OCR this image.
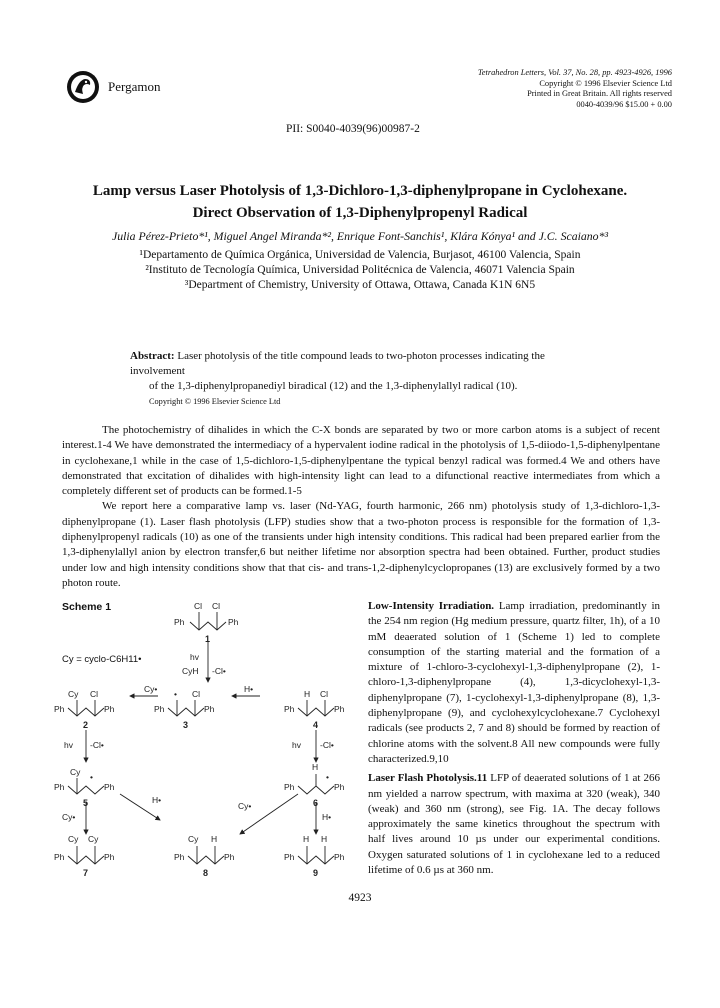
Pergamon
Tetrahedron Letters, Vol. 37, No. 28, pp. 4923-4926, 1996
Copyright © 1996 Elsevier Science Ltd
Printed in Great Britain. All rights reserved
0040-4039/96 $15.00 + 0.00
PII: S0040-4039(96)00987-2
Lamp versus Laser Photolysis of 1,3-Dichloro-1,3-diphenylpropane in Cyclohexane.
Direct Observation of 1,3-Diphenylpropenyl Radical
Julia Pérez-Prieto*¹, Miguel Angel Miranda*², Enrique Font-Sanchis¹, Klára Kónya¹ and J.C. Scaiano*³
¹Departamento de Química Orgánica, Universidad de Valencia, Burjasot, 46100 Valencia, Spain
²Instituto de Tecnología Química, Universidad Politécnica de Valencia, 46071 Valencia Spain
³Department of Chemistry, University of Ottawa, Ottawa, Canada K1N 6N5
Abstract: Laser photolysis of the title compound leads to two-photon processes indicating the involvement
of the 1,3-diphenylpropanediyl biradical (12) and the 1,3-diphenylallyl radical (10).
Copyright © 1996 Elsevier Science Ltd

The photochemistry of dihalides in which the C-X bonds are separated by two or more carbon atoms is a subject of recent interest.1-4 We have demonstrated the intermediacy of a hypervalent iodine radical in the photolysis of 1,5-diiodo-1,5-diphenylpentane in cyclohexane,1 while in the case of 1,5-dichloro-1,5-diphenylpentane the typical benzyl radical was formed.4 We and others have demonstrated that excitation of dihalides with high-intensity light can lead to a difunctional reactive intermediates from which a completely different set of products can be formed.1-5

We report here a comparative lamp vs. laser (Nd-YAG, fourth harmonic, 266 nm) photolysis study of 1,3-dichloro-1,3-diphenylpropane (1). Laser flash photolysis (LFP) studies show that a two-photon process is responsible for the formation of 1,3-diphenylpropenyl radicals (10) as one of the transients under high intensity conditions. This radical had been prepared earlier from the 1,3-diphenylallyl anion by electron transfer,6 but neither lifetime nor absorption spectra had been obtained. Further, product studies under low and high intensity conditions show that that cis- and trans-1,2-diphenylcyclopropanes (13) are exclusively formed by a two photon route.

Scheme 1
Cy = cyclo-C6H11•
Cl Cl
Ph	Ph
1
hv
CyH -Cl•
Cy Cl
Ph	Ph
2
Cy• • Cl
Ph	Ph
3
H•	H Cl
Ph	Ph
4
hv -Cl•	hv -Cl•
Cy •
Ph	Ph
5
H
•
Ph	Ph
6
H•
Cy•
Cy•	H•
Cy Cy
Ph	Ph
7
Cy H
Ph	Ph
8
H H
Ph	Ph
9

Low-Intensity Irradiation. Lamp irradiation, predominantly in the 254 nm region (Hg medium pressure, quartz filter, 1h), of a 10 mM deaerated solution of 1 (Scheme 1) led to complete consumption of the starting material and the formation of a mixture of 1-chloro-3-cyclohexyl-1,3-diphenylpropane (2), 1-chloro-1,3-diphenylpropane (4), 1,3-dicyclohexyl-1,3-diphenylpropane (7), 1-cyclohexyl-1,3-diphenylpropane (8), 1,3-diphenylpropane (9), and cyclohexylcyclohexane.7 Cyclohexyl radicals (see products 2, 7 and 8) should be formed by reaction of chlorine atoms with the solvent.8 All new compounds were fully characterized.9,10

Laser Flash Photolysis.11 LFP of deaerated solutions of 1 at 266 nm yielded a narrow spectrum, with maxima at 320 (weak), 340 (weak) and 360 nm (strong), see Fig. 1A. The decay follows approximately the same kinetics throughout the spectrum with half lives around 10 µs under our experimental conditions. Oxygen saturated solutions of 1 in cyclohexane led to a reduced lifetime of 0.6 µs at 360 nm.

4923
